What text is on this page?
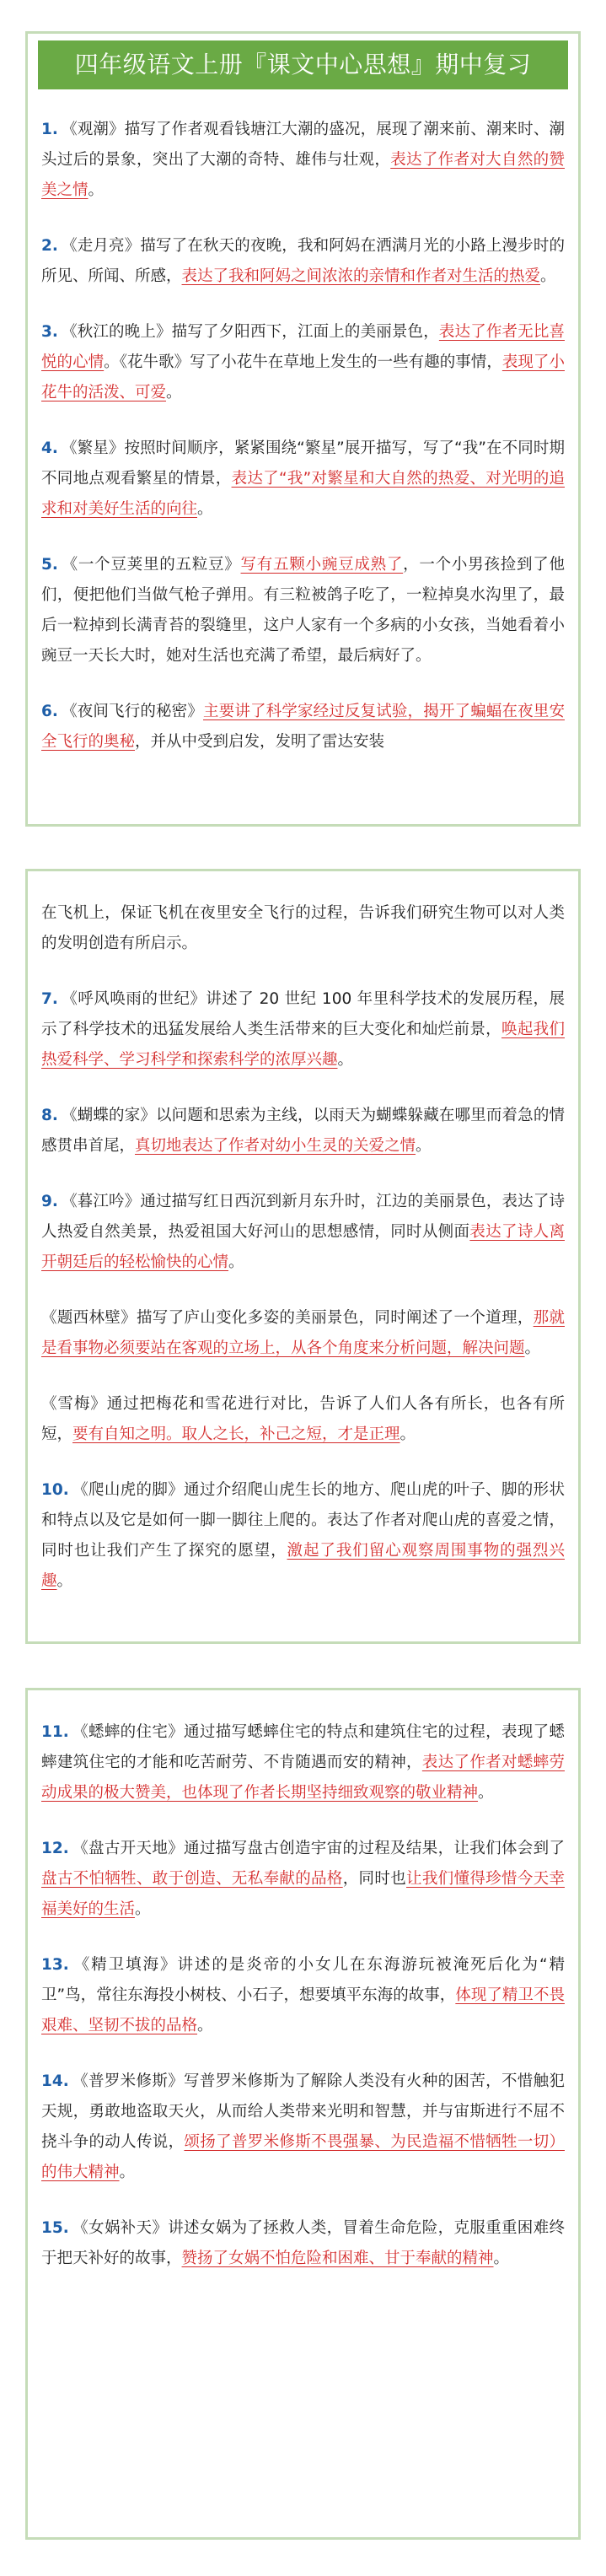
四年级语文上册『课文中心思想』期中复习

1. 《观潮》描写了作者观看钱塘江大潮的盛况，展现了潮来前、潮来时、潮头过后的景象，突出了大潮的奇特、雄伟与壮观，表达了作者对大自然的赞美之情。

2. 《走月亮》描写了在秋天的夜晚，我和阿妈在洒满月光的小路上漫步时的所见、所闻、所感，表达了我和阿妈之间浓浓的亲情和作者对生活的热爱。

3. 《秋江的晚上》描写了夕阳西下，江面上的美丽景色，表达了作者无比喜悦的心情。《花牛歌》写了小花牛在草地上发生的一些有趣的事情，表现了小花牛的活泼、可爱。

4. 《繁星》按照时间顺序，紧紧围绕“繁星”展开描写，写了“我”在不同时期不同地点观看繁星的情景，表达了“我”对繁星和大自然的热爱、对光明的追求和对美好生活的向往。

5. 《一个豆荚里的五粒豆》写有五颗小豌豆成熟了，一个小男孩捡到了他们，便把他们当做气枪子弹用。有三粒被鸽子吃了，一粒掉臭水沟里了，最后一粒掉到长满青苔的裂缝里，这户人家有一个多病的小女孩，当她看着小豌豆一天长大时，她对生活也充满了希望，最后病好了。

6. 《夜间飞行的秘密》主要讲了科学家经过反复试验，揭开了蝙蝠在夜里安全飞行的奥秘，并从中受到启发，发明了雷达安装

在飞机上，保证飞机在夜里安全飞行的过程，告诉我们研究生物可以对人类的发明创造有所启示。

7. 《呼风唤雨的世纪》讲述了 20 世纪 100 年里科学技术的发展历程，展示了科学技术的迅猛发展给人类生活带来的巨大变化和灿烂前景，唤起我们热爱科学、学习科学和探索科学的浓厚兴趣。

8. 《蝴蝶的家》以问题和思索为主线，以雨天为蝴蝶躲藏在哪里而着急的情感贯串首尾，真切地表达了作者对幼小生灵的关爱之情。

9. 《暮江吟》通过描写红日西沉到新月东升时，江边的美丽景色，表达了诗人热爱自然美景，热爱祖国大好河山的思想感情，同时从侧面表达了诗人离开朝廷后的轻松愉快的心情。

《题西林壁》描写了庐山变化多姿的美丽景色，同时阐述了一个道理，那就是看事物必须要站在客观的立场上，从各个角度来分析问题，解决问题。

《雪梅》通过把梅花和雪花进行对比，告诉了人们人各有所长，也各有所短，要有自知之明。取人之长，补己之短，才是正理。

10. 《爬山虎的脚》通过介绍爬山虎生长的地方、爬山虎的叶子、脚的形状和特点以及它是如何一脚一脚往上爬的。表达了作者对爬山虎的喜爱之情，同时也让我们产生了探究的愿望，激起了我们留心观察周围事物的强烈兴趣。

11. 《蟋蟀的住宅》通过描写蟋蟀住宅的特点和建筑住宅的过程，表现了蟋蟀建筑住宅的才能和吃苦耐劳、不肯随遇而安的精神，表达了作者对蟋蟀劳动成果的极大赞美，也体现了作者长期坚持细致观察的敬业精神。

12. 《盘古开天地》通过描写盘古创造宇宙的过程及结果，让我们体会到了盘古不怕牺牲、敢于创造、无私奉献的品格，同时也让我们懂得珍惜今天幸福美好的生活。

13. 《精卫填海》讲述的是炎帝的小女儿在东海游玩被淹死后化为“精卫”鸟，常往东海投小树枝、小石子，想要填平东海的故事，体现了精卫不畏艰难、坚韧不拔的品格。

14. 《普罗米修斯》写普罗米修斯为了解除人类没有火种的困苦，不惜触犯天规，勇敢地盗取天火，从而给人类带来光明和智慧，并与宙斯进行不屈不挠斗争的动人传说，颂扬了普罗米修斯不畏强暴、为民造福不惜牺牲一切）的伟大精神。

15. 《女娲补天》讲述女娲为了拯救人类，冒着生命危险，克服重重困难终于把天补好的故事，赞扬了女娲不怕危险和困难、甘于奉献的精神。
